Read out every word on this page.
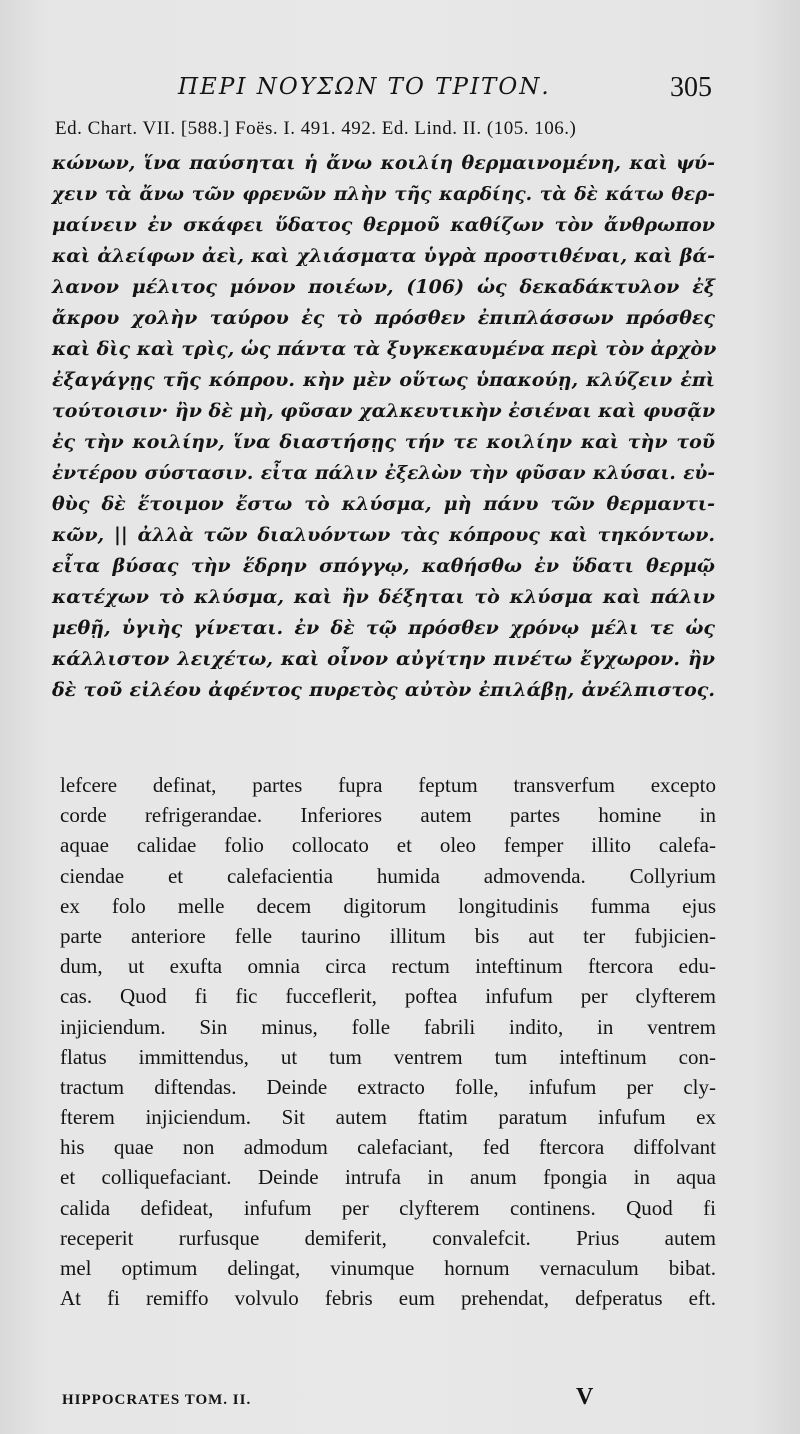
ΠΕΡΙ ΝΟΥΣΩΝ ΤΟ ΤΡΙΤΟΝ.	305
Ed. Chart. VII. [588.] Foës. I. 491. 492. Ed. Lind. II. (105. 106.)
κώνων, ἵνα παύσηται ἡ ἄνω κοιλίη θερμαινομένη, καὶ ψύ-
χειν τὰ ἄνω τῶν φρενῶν πλὴν τῆς καρδίης. τὰ δὲ κάτω θερ-
μαίνειν ἐν σκάφει ὕδατος θερμοῦ καθίζων τὸν ἄνθρωπον
καὶ ἀλείφων ἀεὶ, καὶ χλιάσματα ὑγρὰ προστιθέναι, καὶ βά-
λανον μέλιτος μόνον ποιέων, (106) ὡς δεκαδάκτυλον ἐξ
ἄκρου χολὴν ταύρου ἐς τὸ πρόσθεν ἐπιπλάσσων πρόσθες
καὶ δὶς καὶ τρὶς, ὡς πάντα τὰ ξυγκεκαυμένα περὶ τὸν ἀρχὸν
ἐξαγάγῃς τῆς κόπρου. κὴν μὲν οὕτως ὑπακούῃ, κλύζειν ἐπὶ
τούτοισιν· ἢν δὲ μὴ, φῦσαν χαλκευτικὴν ἐσιέναι καὶ φυσᾷν
ἐς τὴν κοιλίην, ἵνα διαστήσῃς τήν τε κοιλίην καὶ τὴν τοῦ
ἐντέρου σύστασιν. εἶτα πάλιν ἐξελὼν τὴν φῦσαν κλύσαι. εὐ-
θὺς δὲ ἕτοιμον ἔστω τὸ κλύσμα, μὴ πάνυ τῶν θερμαντι-
κῶν, || ἀλλὰ τῶν διαλυόντων τὰς κόπρους καὶ τηκόντων.
εἶτα βύσας τὴν ἕδρην σπόγγῳ, καθήσθω ἐν ὕδατι θερμῷ
κατέχων τὸ κλύσμα, καὶ ἢν δέξηται τὸ κλύσμα καὶ πάλιν
μεθῇ, ὑγιὴς γίνεται. ἐν δὲ τῷ πρόσθεν χρόνῳ μέλι τε ὡς
κάλλιστον λειχέτω, καὶ οἶνον αὐγίτην πινέτω ἔγχωρον. ἢν
δὲ τοῦ εἰλέου ἀφέντος πυρετὸς αὐτὸν ἐπιλάβῃ, ἀνέλπιστος.
lefcere definat, partes fupra feptum transverfum excepto
corde refrigerandae. Inferiores autem partes homine in
aquae calidae folio collocato et oleo femper illito calefa-
ciendae et calefacientia humida admovenda. Collyrium
ex folo melle decem digitorum longitudinis fumma ejus
parte anteriore felle taurino illitum bis aut ter fubjicien-
dum, ut exufta omnia circa rectum inteftinum ftercora edu-
cas. Quod fi fic fucceflerit, poftea infufum per clyfterem
injiciendum. Sin minus, folle fabrili indito, in ventrem
flatus immittendus, ut tum ventrem tum inteftinum con-
tractum diftendas. Deinde extracto folle, infufum per cly-
fterem injiciendum. Sit autem ftatim paratum infufum ex
his quae non admodum calefaciant, fed ftercora diffolvant
et colliquefaciant. Deinde intrufa in anum fpongia in aqua
calida defideat, infufum per clyfterem continens. Quod fi
receperit rurfusque demiferit, convalefcit. Prius autem
mel optimum delingat, vinumque hornum vernaculum bibat.
At fi remiffo volvulo febris eum prehendat, defperatus eft.
HIPPOCRATES TOM. II.	V
